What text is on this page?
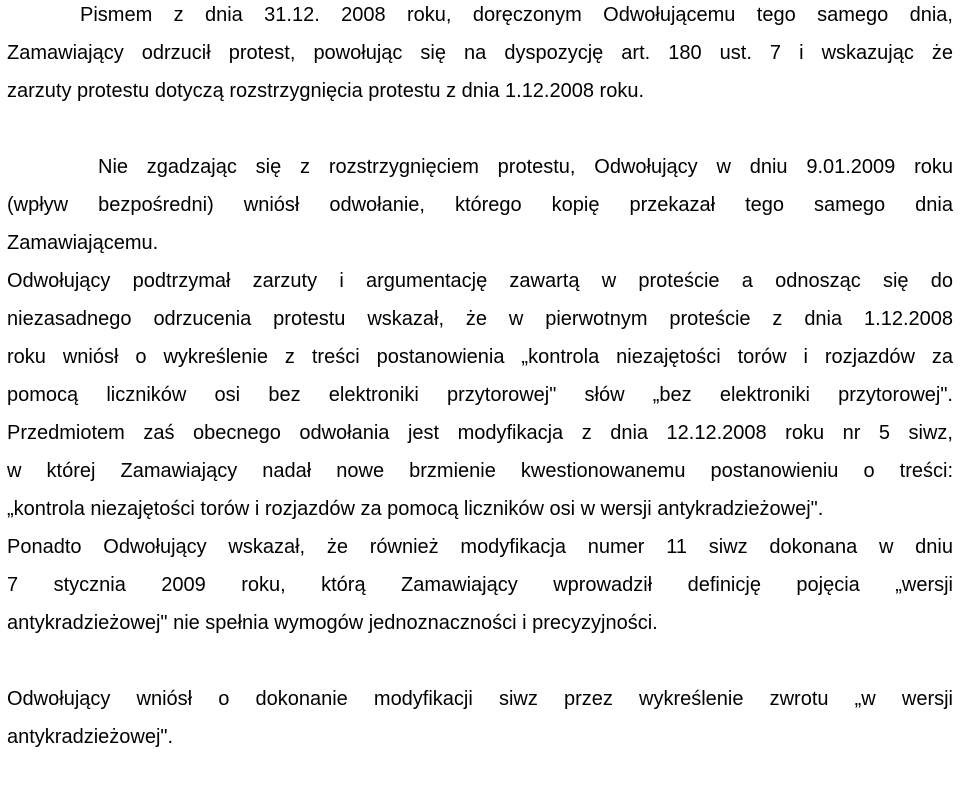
Pismem z dnia 31.12. 2008 roku, doręczonym Odwołującemu tego samego dnia,
Zamawiający odrzucił protest, powołując się na dyspozycję art. 180 ust. 7 i wskazując że
zarzuty protestu dotyczą rozstrzygnięcia protestu z dnia 1.12.2008 roku.
Nie zgadzając się z rozstrzygnięciem protestu, Odwołujący w dniu 9.01.2009 roku
(wpływ bezpośredni) wniósł odwołanie, którego kopię przekazał tego samego dnia
Zamawiającemu.
Odwołujący podtrzymał zarzuty i argumentację zawartą w proteście a odnosząc się do
niezasadnego odrzucenia protestu wskazał, że w pierwotnym proteście z dnia 1.12.2008
roku wniósł o wykreślenie z treści postanowienia „kontrola niezajętości torów i rozjazdów za
pomocą liczników osi bez elektroniki przytorowej" słów „bez elektroniki przytorowej".
Przedmiotem zaś obecnego odwołania jest modyfikacja z dnia 12.12.2008 roku nr 5 siwz,
w której Zamawiający nadał nowe brzmienie kwestionowanemu postanowieniu o treści:
„kontrola niezajętości torów i rozjazdów za pomocą liczników osi w wersji antykradzieżowej".
Ponadto Odwołujący wskazał, że również modyfikacja numer 11 siwz dokonana w dniu
7 stycznia 2009 roku, którą Zamawiający wprowadził definicję pojęcia „wersji
antykradzieżowej" nie spełnia wymogów jednoznaczności i precyzyjności.
Odwołujący wniósł o dokonanie modyfikacji siwz przez wykreślenie zwrotu „w wersji
antykradzieżowej".
